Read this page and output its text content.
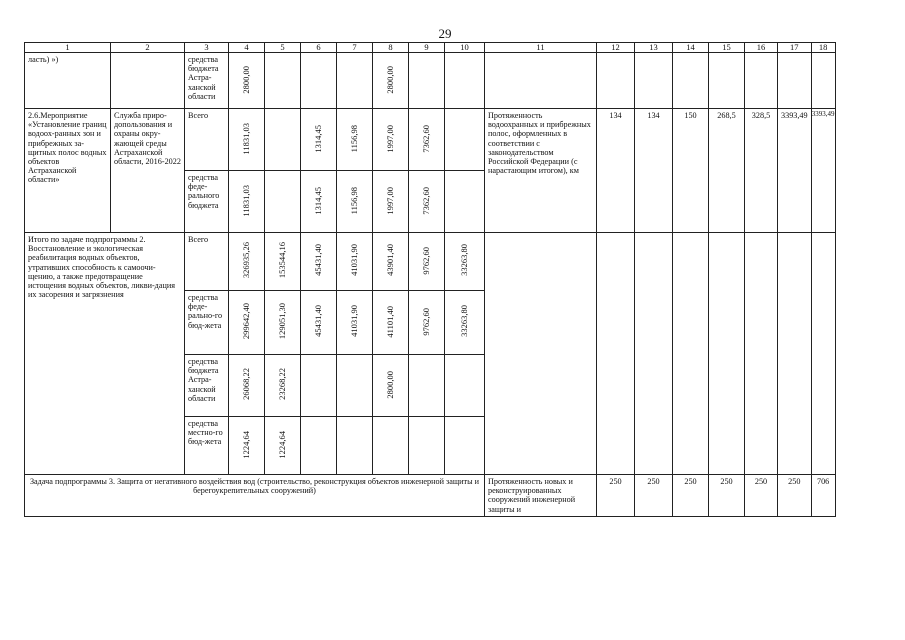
29
1	2	3	4	5	6	7	8	9	10	11	12	13	14	15	16	17	18
ласть) »)		средства бюджета Астра-ханской области	2800,00				2800,00										
2.6.Мероприятие «Установление границ водоох-ранных зон и прибрежных за-щитных полос водных объектов Астраханской области»	Служба приро-допользования и охраны окру-жающей среды Астраханской области, 2016-2022	Всего	11831,03		1314,45	1156,98	1997,00	7362,60		Протяженность водоохранных и прибрежных полос, оформленных в соответствии с законодательством Российской Федерации (с нарастающим итогом), км	134	134	150	268,5	328,5	3393,49	3393,49
		средства феде-рального бюджета	11831,03		1314,45	1156,98	1997,00	7362,60									
Итого по задаче подпрограммы 2. Восстановление и экологическая реабилитация водных объектов, утративших способность к самоочи-щению, а также предотвращение истощения водных объектов, ликви-дация их засорения и загрязнения		Всего	326935,26	153544,16	45431,40	41031,90	43901,40	9762,60	33263,80								
		средства феде-рально-го бюд-жета	299642,40	129051,30	45431,40	41031,90	41101,40	9762,60	33263,80								
		средства бюджета Астра-ханской области	26068,22	23268,22			2800,00										
		средства местно-го бюд-жета	1224,64	1224,64													
Задача подпрограммы 3. Защита от негативного воздействия вод (строительство, реконструкция объектов инженерной защиты и берегоукрепительных сооружений)										Протяженность новых и реконструированных сооружений инженерной защиты и	250	250	250	250	250	250	706
